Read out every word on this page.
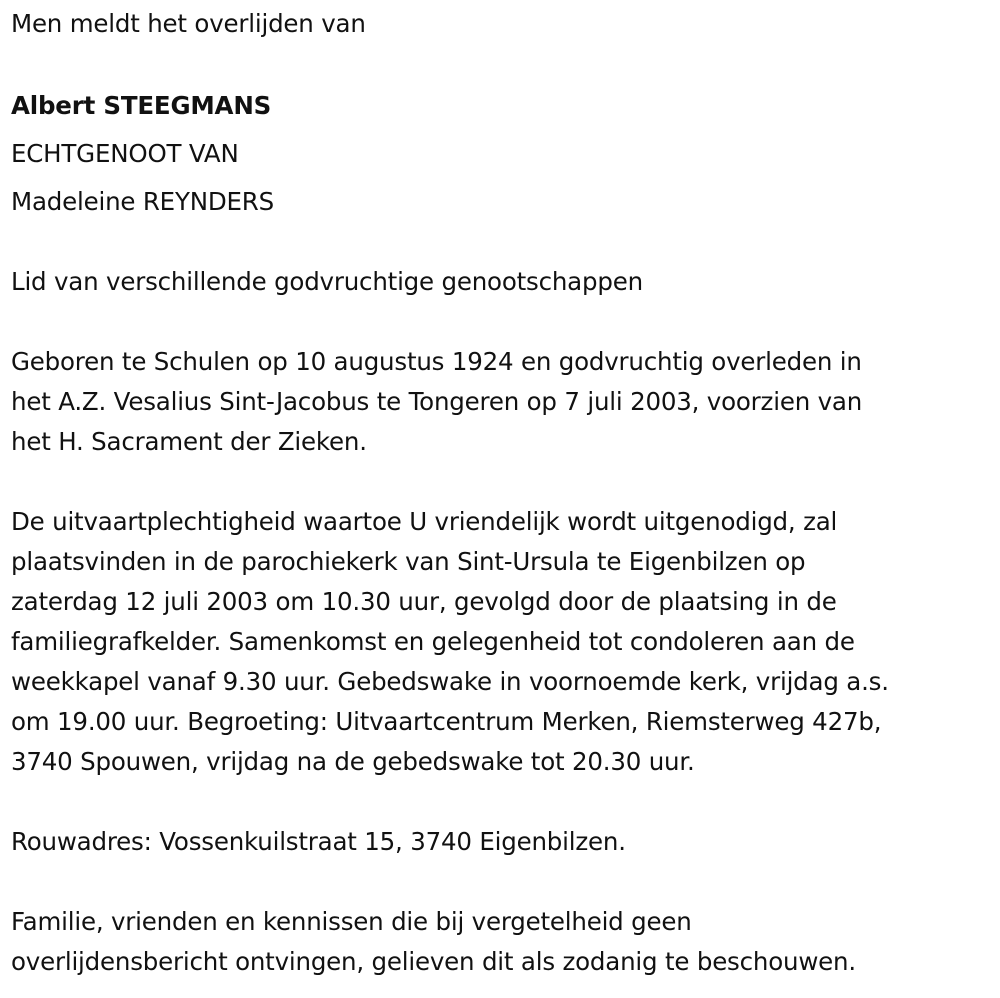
Men meldt het overlijden van
Albert STEEGMANS
ECHTGENOOT VAN
Madeleine REYNDERS
Lid van verschillende godvruchtige genootschappen
Geboren te Schulen op 10 augustus 1924 en godvruchtig overleden in
het A.Z. Vesalius Sint-Jacobus te Tongeren op 7 juli 2003, voorzien van
het H. Sacrament der Zieken.
De uitvaartplechtigheid waartoe U vriendelijk wordt uitgenodigd, zal
plaatsvinden in de parochiekerk van Sint-Ursula te Eigenbilzen op
zaterdag 12 juli 2003 om 10.30 uur, gevolgd door de plaatsing in de
familiegrafkelder. Samenkomst en gelegenheid tot condoleren aan de
weekkapel vanaf 9.30 uur. Gebedswake in voornoemde kerk, vrijdag a.s.
om 19.00 uur. Begroeting: Uitvaartcentrum Merken, Riemsterweg 427b,
3740 Spouwen, vrijdag na de gebedswake tot 20.30 uur.
Rouwadres: Vossenkuilstraat 15, 3740 Eigenbilzen.
Familie, vrienden en kennissen die bij vergetelheid geen
overlijdensbericht ontvingen, gelieven dit als zodanig te beschouwen.
